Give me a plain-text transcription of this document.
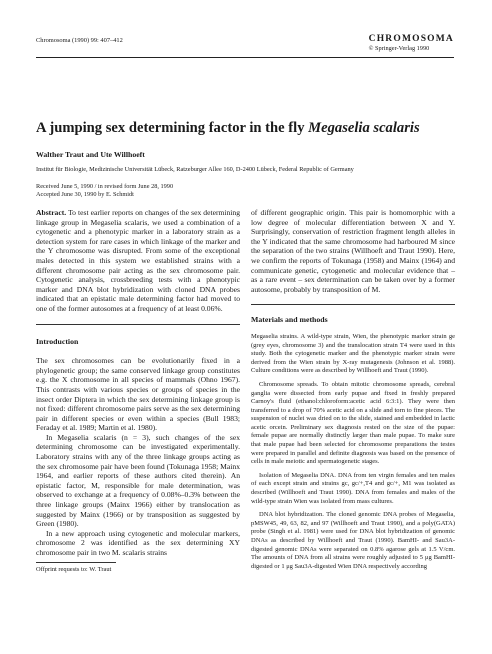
Chromosoma (1990) 99: 407–412	CHROMOSOMA
© Springer-Verlag 1990
A jumping sex determining factor in the fly Megaselia scalaris
Walther Traut and Ute Willhoeft
Institut für Biologie, Medizinische Universität Lübeck, Ratzeburger Allee 160, D-2400 Lübeck, Federal Republic of Germany
Received June 5, 1990 / in revised form June 28, 1990
Accepted June 30, 1990 by E. Schmidt

Abstract. To test earlier reports on changes of the sex determining linkage group in Megaselia scalaris, we used a combination of a cytogenetic and a phenotypic marker in a laboratory strain as a detection system for rare cases in which linkage of the marker and the Y chromosome was disrupted. From some of the exceptional males detected in this system we established strains with a different chromosome pair acting as the sex chromosome pair. Cytogenetic analysis, crossbreeding tests with a phenotypic marker and DNA blot hybridization with cloned DNA probes indicated that an epistatic male determining factor had moved to one of the former autosomes at a frequency of at least 0.06%.

Introduction

The sex chromosomes can be evolutionarily fixed in a phylogenetic group; the same conserved linkage group constitutes e.g. the X chromosome in all species of mammals (Ohno 1967). This contrasts with various species or groups of species in the insect order Diptera in which the sex determining linkage group is not fixed: different chromosome pairs serve as the sex determining pair in different species or even within a species (Bull 1983; Feraday et al. 1989; Martin et al. 1980).

In Megaselia scalaris (n = 3), such changes of the sex determining chromosome can be investigated experimentally. Laboratory strains with any of the three linkage groups acting as the sex chromosome pair have been found (Tokunaga 1958; Mainx 1964, and earlier reports of these authors cited therein). An epistatic factor, M, responsible for male determination, was observed to exchange at a frequency of 0.08%–0.3% between the three linkage groups (Mainx 1966) either by translocation as suggested by Mainx (1966) or by transposition as suggested by Green (1980).

In a new approach using cytogenetic and molecular markers, chromosome 2 was identified as the sex determining XY chromosome pair in two M. scalaris strains

Offprint requests to: W. Traut

of different geographic origin. This pair is homomorphic with a low degree of molecular differentiation between X and Y. Surprisingly, conservation of restriction fragment length alleles in the Y indicated that the same chromosome had harboured M since the separation of the two strains (Willhoeft and Traut 1990). Here, we confirm the reports of Tokunaga (1958) and Mainx (1964) and communicate genetic, cytogenetic and molecular evidence that – as a rare event – sex determination can be taken over by a former autosome, probably by transposition of M.

Materials and methods

Megaselia strains. A wild-type strain, Wien, the phenotypic marker strain ge (grey eyes, chromosome 3) and the translocation strain T4 were used in this study. Both the cytogenetic marker and the phenotypic marker strain were derived from the Wien strain by X-ray mutagenesis (Johnson et al. 1988). Culture conditions were as described by Willhoeft and Traut (1990).

Chromosome spreads. To obtain mitotic chromosome spreads, cerebral ganglia were dissected from early pupae and fixed in freshly prepared Carnoy's fluid (ethanol:chloroform:acetic acid 6:3:1). They were then transferred to a drop of 70% acetic acid on a slide and torn to fine pieces. The suspension of nuclei was dried on to the slide, stained and embedded in lactic acetic orcein. Preliminary sex diagnosis rested on the size of the pupae: female pupae are normally distinctly larger than male pupae. To make sure that male pupae had been selected for chromosome preparations the testes were prepared in parallel and definite diagnosis was based on the presence of cells in male meiotic and spermatogenetic stages.

Isolation of Megaselia DNA. DNA from ten virgin females and ten males of each except strain and strains gc, gc/+,T4 and gc/+, M1 was isolated as described (Willhoeft and Traut 1990). DNA from females and males of the wild-type strain Wien was isolated from mass cultures.

DNA blot hybridization. The cloned genomic DNA probes of Megaselia, pMSW45, 49, 63, 82, and 97 (Willhoeft and Traut 1990), and a poly(GATA) probe (Singh et al. 1981) were used for DNA blot hybridization of genomic DNAs as described by Willhoeft and Traut (1990). BamHI- and Sau3A-digested genomic DNAs were separated on 0.8% agarose gels at 1.5 V/cm. The amounts of DNA from all strains were roughly adjusted to 5 μg BamHI-digested or 1 μg Sau3A-digested Wien DNA respectively according
